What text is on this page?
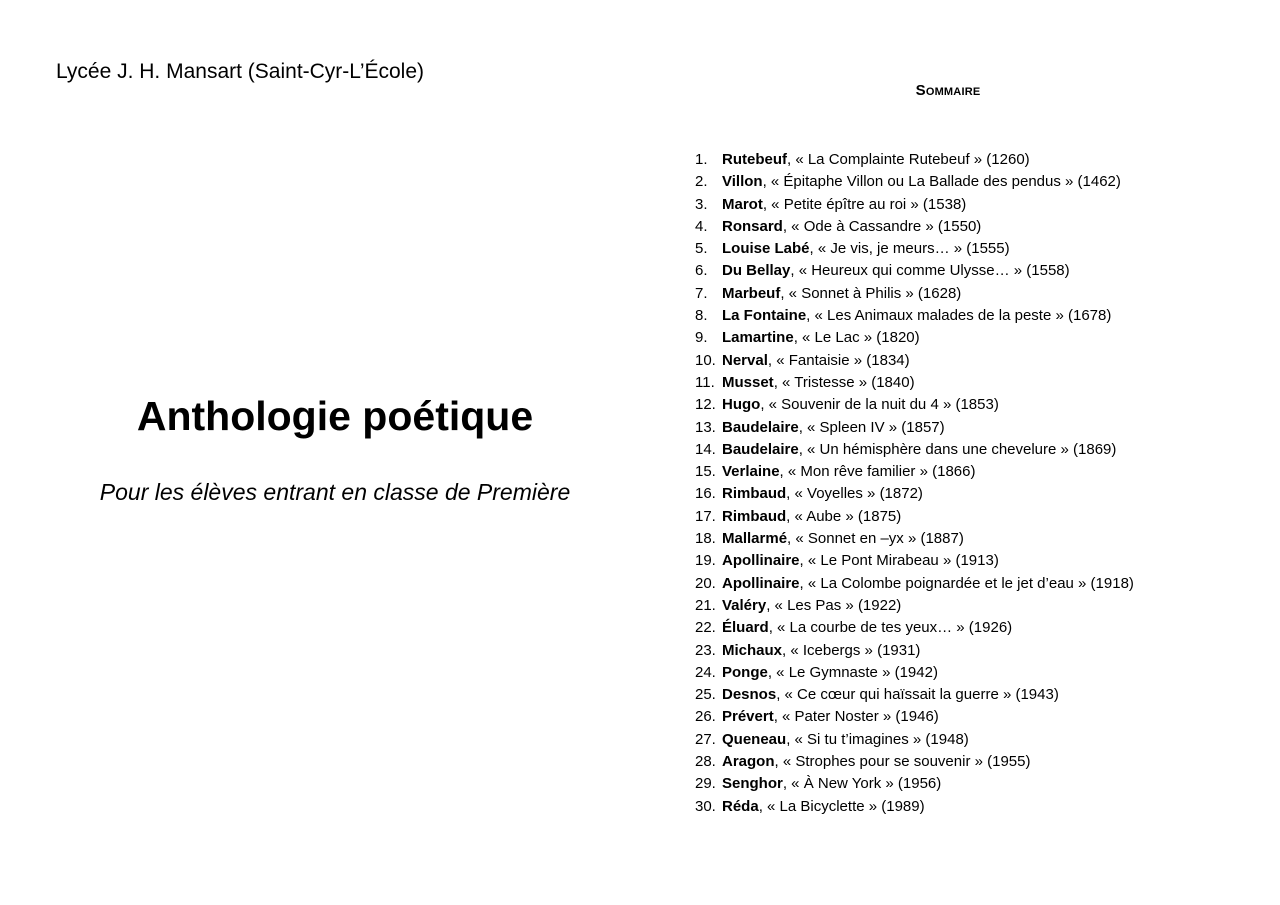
Lycée J. H. Mansart (Saint-Cyr-L’École)
Anthologie poétique
Pour les élèves entrant en classe de Première
Sommaire
1. Rutebeuf , « La Complainte Rutebeuf » (1260)
2. Villon , « Épitaphe Villon ou La Ballade des pendus » (1462)
3. Marot , « Petite épître au roi » (1538)
4. Ronsard , « Ode à Cassandre » (1550)
5. Louise Labé , « Je vis, je meurs… » (1555)
6. Du Bellay , « Heureux qui comme Ulysse… » (1558)
7. Marbeuf , « Sonnet à Philis » (1628)
8. La Fontaine , « Les Animaux malades de la peste » (1678)
9. Lamartine , « Le Lac » (1820)
10. Nerval , « Fantaisie » (1834)
11. Musset , « Tristesse » (1840)
12. Hugo , « Souvenir de la nuit du 4 » (1853)
13. Baudelaire , « Spleen IV » (1857)
14. Baudelaire , « Un hémisphère dans une chevelure » (1869)
15. Verlaine , « Mon rêve familier » (1866)
16. Rimbaud , « Voyelles » (1872)
17. Rimbaud , « Aube » (1875)
18. Mallarmé , « Sonnet en –yx » (1887)
19. Apollinaire , « Le Pont Mirabeau » (1913)
20. Apollinaire , « La Colombe poignardée et le jet d’eau » (1918)
21. Valéry , « Les Pas » (1922)
22. Éluard , « La courbe de tes yeux… » (1926)
23. Michaux , « Icebergs » (1931)
24. Ponge , « Le Gymnaste » (1942)
25. Desnos , « Ce cœur qui haïssait la guerre » (1943)
26. Prévert , « Pater Noster » (1946)
27. Queneau , « Si tu t’imagines » (1948)
28. Aragon , « Strophes pour se souvenir » (1955)
29. Senghor , « À New York » (1956)
30. Réda , « La Bicyclette » (1989)
